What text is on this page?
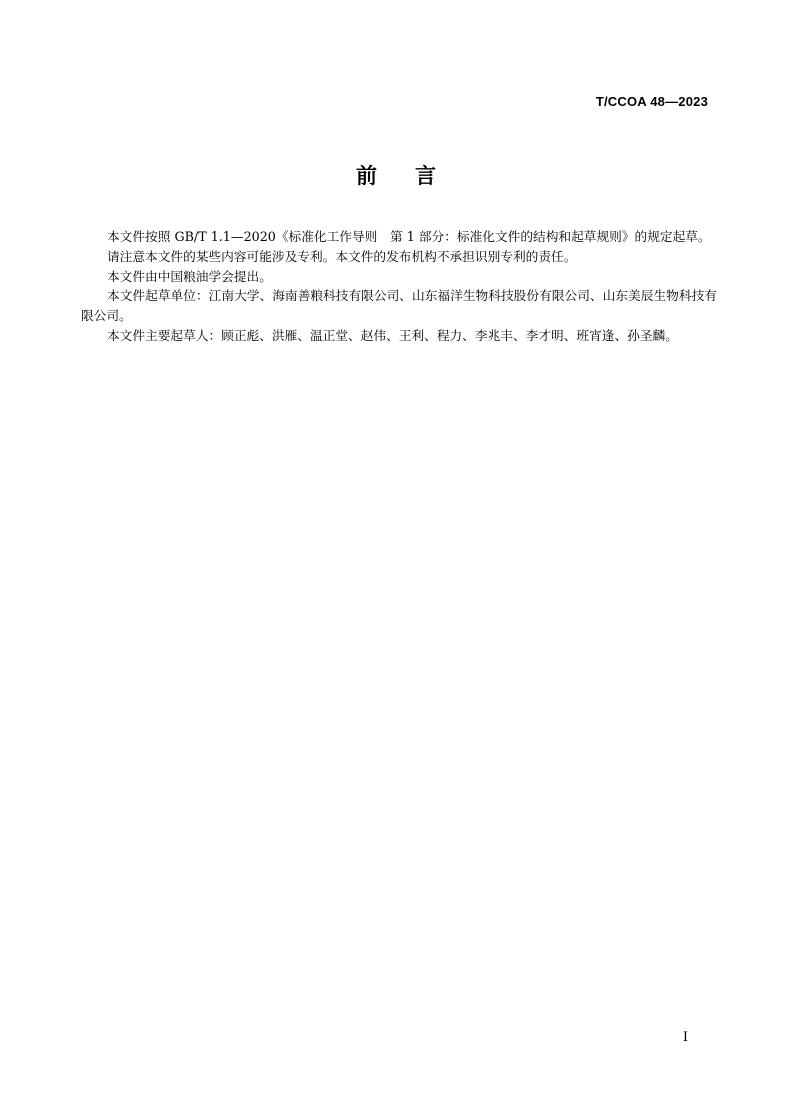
T/CCOA 48—2023
前言

本文件按照 GB/T 1.1—2020《标准化工作导则　第 1 部分：标准化文件的结构和起草规则》的规定起草。

请注意本文件的某些内容可能涉及专利。本文件的发布机构不承担识别专利的责任。

本文件由中国粮油学会提出。

本文件起草单位：江南大学、海南善粮科技有限公司、山东福洋生物科技股份有限公司、山东美辰生物科技有限公司。

本文件主要起草人：顾正彪、洪雁、温正堂、赵伟、王利、程力、李兆丰、李才明、班宵逢、孙圣麟。

I
